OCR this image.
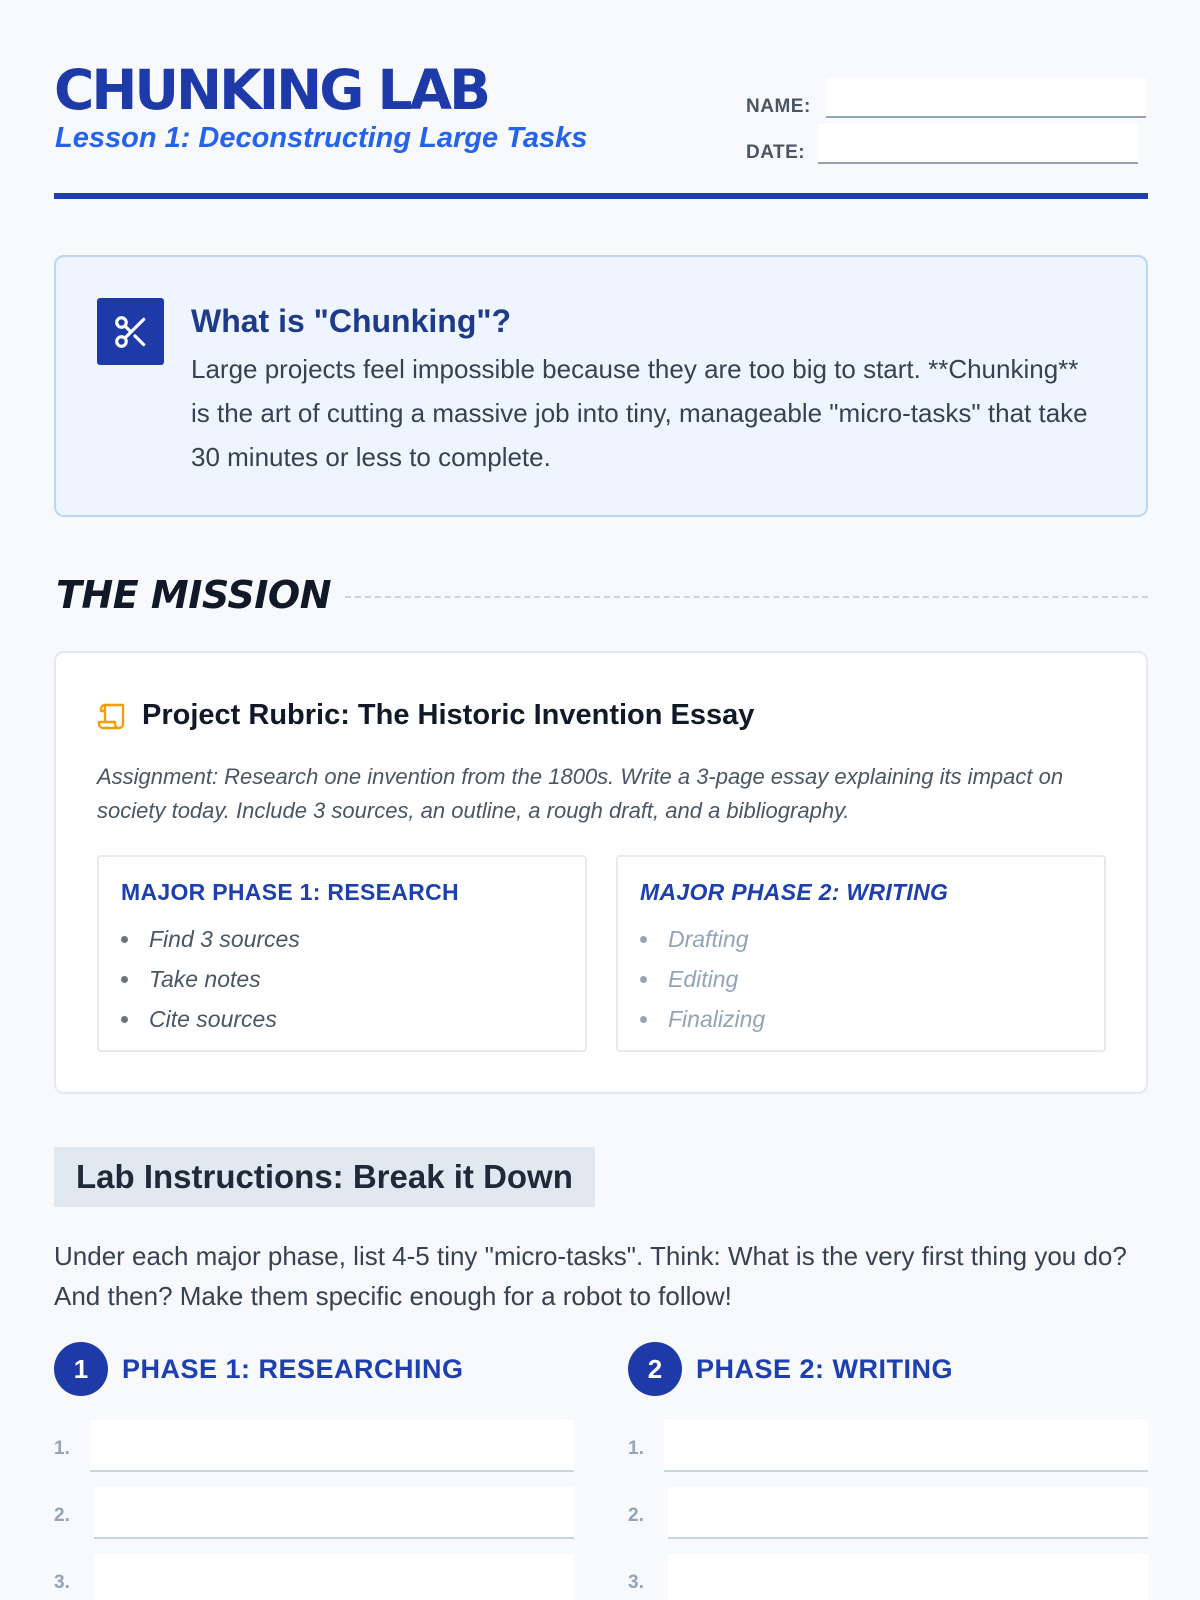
CHUNKING LAB
Lesson 1: Deconstructing Large Tasks
NAME:
DATE:
What is "Chunking"?
Large projects feel impossible because they are too big to start. **Chunking** is the art of cutting a massive job into tiny, manageable "micro-tasks" that take 30 minutes or less to complete.
THE MISSION
Project Rubric: The Historic Invention Essay
Assignment: Research one invention from the 1800s. Write a 3-page essay explaining its impact on society today. Include 3 sources, an outline, a rough draft, and a bibliography.
MAJOR PHASE 1: RESEARCH
Find 3 sources
Take notes
Cite sources
MAJOR PHASE 2: WRITING
Drafting
Editing
Finalizing
Lab Instructions: Break it Down
Under each major phase, list 4-5 tiny "micro-tasks". Think: What is the very first thing you do? And then? Make them specific enough for a robot to follow!
1	PHASE 1: RESEARCHING	2	PHASE 2: WRITING
1.
2.
3.
1.
2.
3.
